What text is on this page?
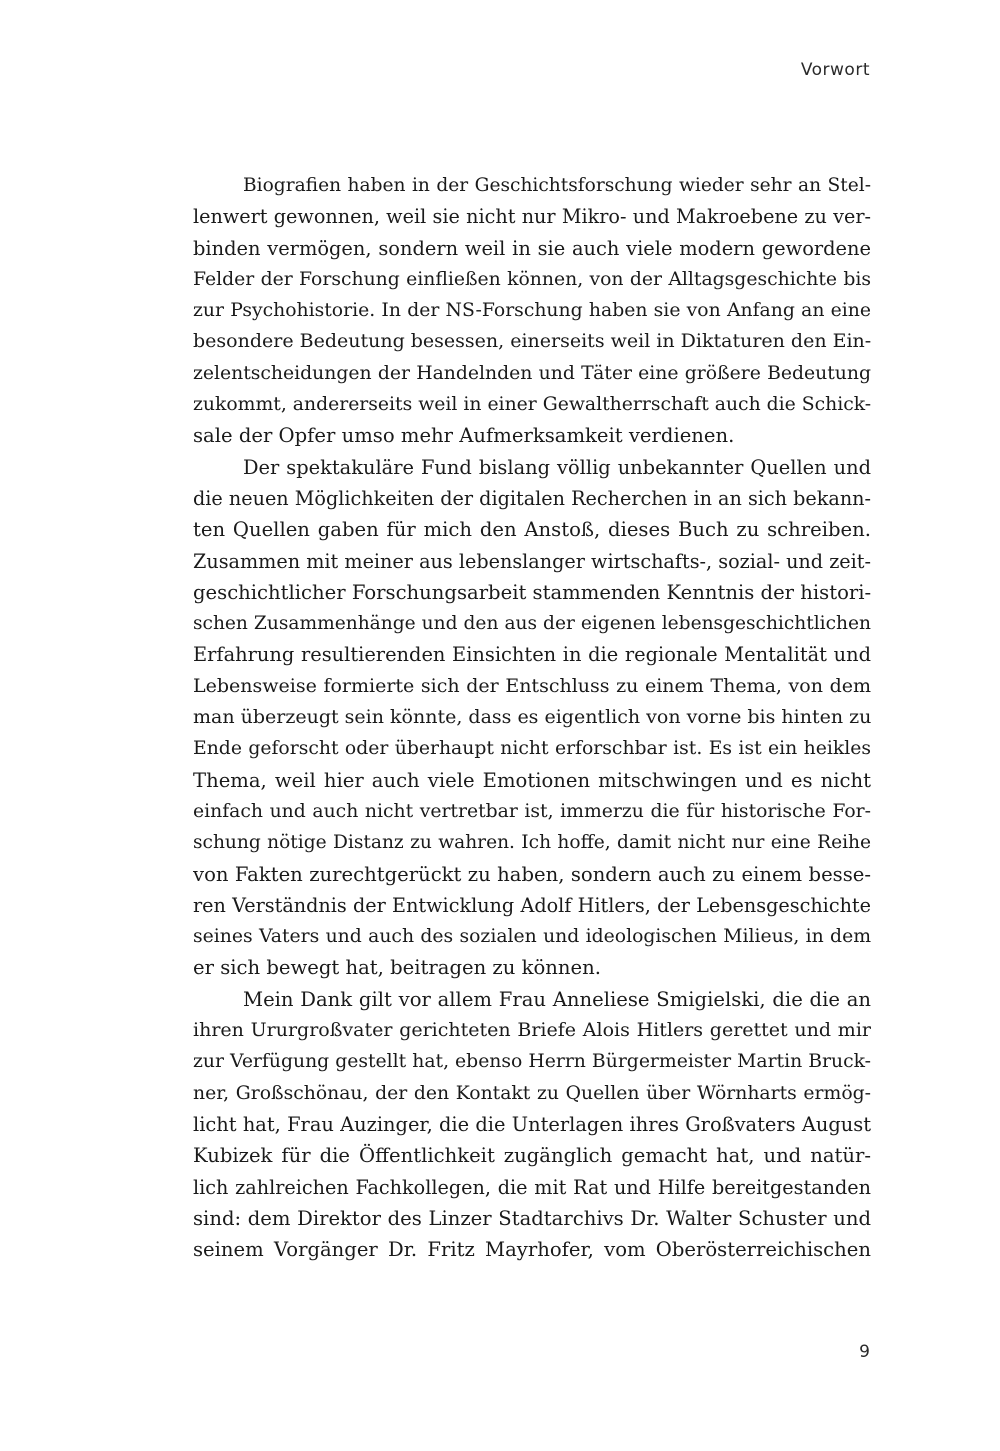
Vorwort
Biografien haben in der Geschichtsforschung wieder sehr an Stel-
lenwert gewonnen, weil sie nicht nur Mikro- und Makroebene zu ver-
binden vermögen, sondern weil in sie auch viele modern gewordene
Felder der Forschung einfließen können, von der Alltagsgeschichte bis
zur Psychohistorie. In der NS-Forschung haben sie von Anfang an eine
besondere Bedeutung besessen, einerseits weil in Diktaturen den Ein-
zelentscheidungen der Handelnden und Täter eine größere Bedeutung
zukommt, andererseits weil in einer Gewaltherrschaft auch die Schick-
sale der Opfer umso mehr Aufmerksamkeit verdienen.
Der spektakuläre Fund bislang völlig unbekannter Quellen und
die neuen Möglichkeiten der digitalen Recherchen in an sich bekann-
ten Quellen gaben für mich den Anstoß, dieses Buch zu schreiben.
Zusammen mit meiner aus lebenslanger wirtschafts-, sozial- und zeit-
geschichtlicher Forschungsarbeit stammenden Kenntnis der histori-
schen Zusammenhänge und den aus der eigenen lebensgeschichtlichen
Erfahrung resultierenden Einsichten in die regionale Mentalität und
Lebensweise formierte sich der Entschluss zu einem Thema, von dem
man überzeugt sein könnte, dass es eigentlich von vorne bis hinten zu
Ende geforscht oder überhaupt nicht erforschbar ist. Es ist ein heikles
Thema, weil hier auch viele Emotionen mitschwingen und es nicht
einfach und auch nicht vertretbar ist, immerzu die für historische For-
schung nötige Distanz zu wahren. Ich hoffe, damit nicht nur eine Reihe
von Fakten zurechtgerückt zu haben, sondern auch zu einem besse-
ren Verständnis der Entwicklung Adolf Hitlers, der Lebensgeschichte
seines Vaters und auch des sozialen und ideologischen Milieus, in dem
er sich bewegt hat, beitragen zu können.
Mein Dank gilt vor allem Frau Anneliese Smigielski, die die an
ihren Ururgroßvater gerichteten Briefe Alois Hitlers gerettet und mir
zur Verfügung gestellt hat, ebenso Herrn Bürgermeister Martin Bruck-
ner, Großschönau, der den Kontakt zu Quellen über Wörnharts ermög-
licht hat, Frau Auzinger, die die Unterlagen ihres Großvaters August
Kubizek für die Öffentlichkeit zugänglich gemacht hat, und natür-
lich zahlreichen Fachkollegen, die mit Rat und Hilfe bereitgestanden
sind: dem Direktor des Linzer Stadtarchivs Dr. Walter Schuster und
seinem Vorgänger Dr. Fritz Mayrhofer, vom Oberösterreichischen
9
